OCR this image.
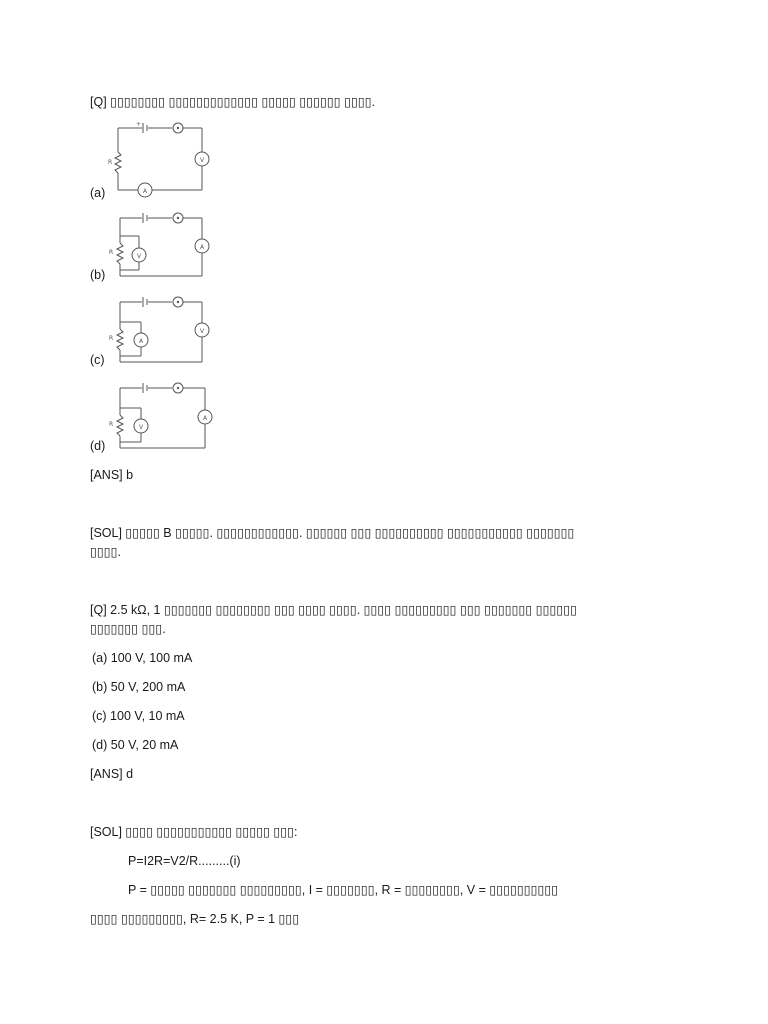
[Q] ▯▯▯▯▯▯▯▯ ▯▯▯▯▯▯▯▯▯▯▯▯▯ ▯▯▯▯▯ ▯▯▯▯▯▯ ▯▯▯▯.
V
A
R
+
(a)
A
V
R
(b)
V
A
R
(c)
A
V
R
(d)
[ANS] b
[SOL] ▯▯▯▯▯ B ▯▯▯▯▯. ▯▯▯▯▯▯▯▯▯▯▯▯. ▯▯▯▯▯▯ ▯▯▯ ▯▯▯▯▯▯▯▯▯▯ ▯▯▯▯▯▯▯▯▯▯▯ ▯▯▯▯▯▯▯
▯▯▯▯.
[Q] 2.5 kΩ, 1 ▯▯▯▯▯▯▯ ▯▯▯▯▯▯▯▯ ▯▯▯ ▯▯▯▯ ▯▯▯▯. ▯▯▯▯ ▯▯▯▯▯▯▯▯▯ ▯▯▯ ▯▯▯▯▯▯▯ ▯▯▯▯▯▯
▯▯▯▯▯▯▯ ▯▯▯.
(a) 100 V, 100 mA
(b) 50 V, 200 mA
(c) 100 V, 10 mA
(d) 50 V, 20 mA
[ANS] d
[SOL] ▯▯▯▯ ▯▯▯▯▯▯▯▯▯▯▯ ▯▯▯▯▯ ▯▯▯:
P=I2R=V2/R.........(i)
P = ▯▯▯▯▯ ▯▯▯▯▯▯▯ ▯▯▯▯▯▯▯▯▯, I = ▯▯▯▯▯▯▯, R = ▯▯▯▯▯▯▯▯, V = ▯▯▯▯▯▯▯▯▯▯
▯▯▯▯ ▯▯▯▯▯▯▯▯▯, R= 2.5 K, P = 1 ▯▯▯
